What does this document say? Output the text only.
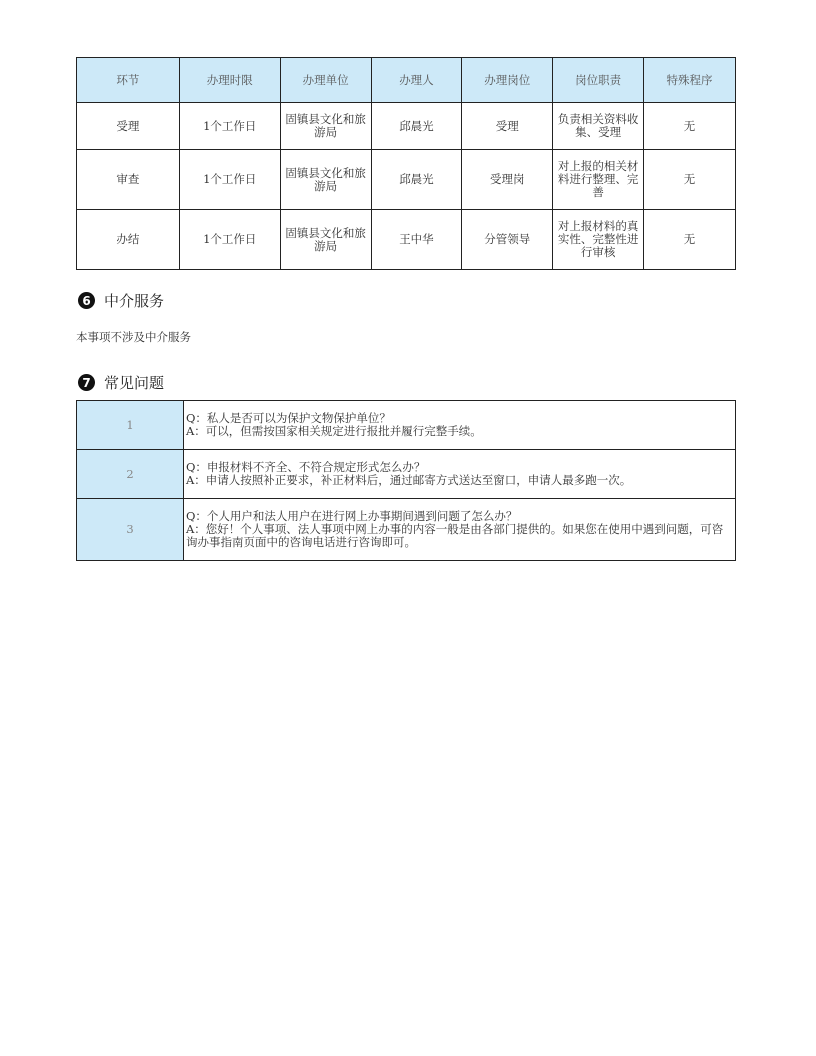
环节	办理时限	办理单位	办理人	办理岗位	岗位职责	特殊程序
受理	1个工作日	固镇县文化和旅游局	邱晨光	受理	负责相关资料收集、受理	无
审查	1个工作日	固镇县文化和旅游局	邱晨光	受理岗	对上报的相关材料进行整理、完善	无
办结	1个工作日	固镇县文化和旅游局	王中华	分管领导	对上报材料的真实性、完整性进行审核	无
6 中介服务
本事项不涉及中介服务
7 常见问题
1	Q：私人是否可以为保护文物保护单位？
A：可以，但需按国家相关规定进行报批并履行完整手续。

2	Q：申报材料不齐全、不符合规定形式怎么办？
A：申请人按照补正要求，补正材料后，通过邮寄方式送达至窗口，申请人最多跑一次。

3	Q：个人用户和法人用户在进行网上办事期间遇到问题了怎么办？
A：您好！个人事项、法人事项中网上办事的内容一般是由各部门提供的。如果您在使用中遇到问题，可咨询办事指南页面中的咨询电话进行咨询即可。
